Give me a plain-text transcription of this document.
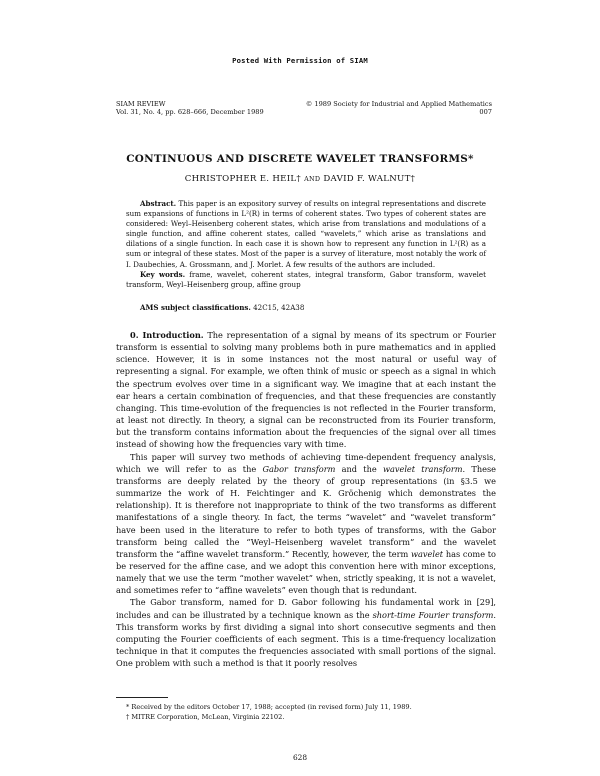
Posted With Permission of SIAM
SIAM REVIEW
Vol. 31, No. 4, pp. 628–666, December 1989
© 1989 Society for Industrial and Applied Mathematics
007
CONTINUOUS AND DISCRETE WAVELET TRANSFORMS*
CHRISTOPHER E. HEIL† AND DAVID F. WALNUT†

Abstract. This paper is an expository survey of results on integral representations and discrete sum expansions of functions in L²(R) in terms of coherent states. Two types of coherent states are considered: Weyl–Heisenberg coherent states, which arise from translations and modulations of a single function, and affine coherent states, called “wavelets,” which arise as translations and dilations of a single function. In each case it is shown how to represent any function in L²(R) as a sum or integral of these states. Most of the paper is a survey of literature, most notably the work of I. Daubechies, A. Grossmann, and J. Morlet. A few results of the authors are included.

Key words. frame, wavelet, coherent states, integral transform, Gabor transform, wavelet transform, Weyl–Heisenberg group, affine group

AMS subject classifications. 42C15, 42A38

0. Introduction. The representation of a signal by means of its spectrum or Fourier transform is essential to solving many problems both in pure mathematics and in applied science. However, it is in some instances not the most natural or useful way of representing a signal. For example, we often think of music or speech as a signal in which the spectrum evolves over time in a significant way. We imagine that at each instant the ear hears a certain combination of frequencies, and that these frequencies are constantly changing. This time-evolution of the frequencies is not reflected in the Fourier transform, at least not directly. In theory, a signal can be reconstructed from its Fourier transform, but the transform contains information about the frequencies of the signal over all times instead of showing how the frequencies vary with time.

This paper will survey two methods of achieving time-dependent frequency analysis, which we will refer to as the Gabor transform and the wavelet transform. These transforms are deeply related by the theory of group representations (in §3.5 we summarize the work of H. Feichtinger and K. Gröchenig which demonstrates the relationship). It is therefore not inappropriate to think of the two transforms as different manifestations of a single theory. In fact, the terms “wavelet” and “wavelet transform” have been used in the literature to refer to both types of transforms, with the Gabor transform being called the “Weyl–Heisenberg wavelet transform” and the wavelet transform the “affine wavelet transform.” Recently, however, the term wavelet has come to be reserved for the affine case, and we adopt this convention here with minor exceptions, namely that we use the term “mother wavelet” when, strictly speaking, it is not a wavelet, and sometimes refer to “affine wavelets” even though that is redundant.

The Gabor transform, named for D. Gabor following his fundamental work in [29], includes and can be illustrated by a technique known as the short-time Fourier transform. This transform works by first dividing a signal into short consecutive segments and then computing the Fourier coefficients of each segment. This is a time-frequency localization technique in that it computes the frequencies associated with small portions of the signal. One problem with such a method is that it poorly resolves

* Received by the editors October 17, 1988; accepted (in revised form) July 11, 1989.
† MITRE Corporation, McLean, Virginia 22102.
628
